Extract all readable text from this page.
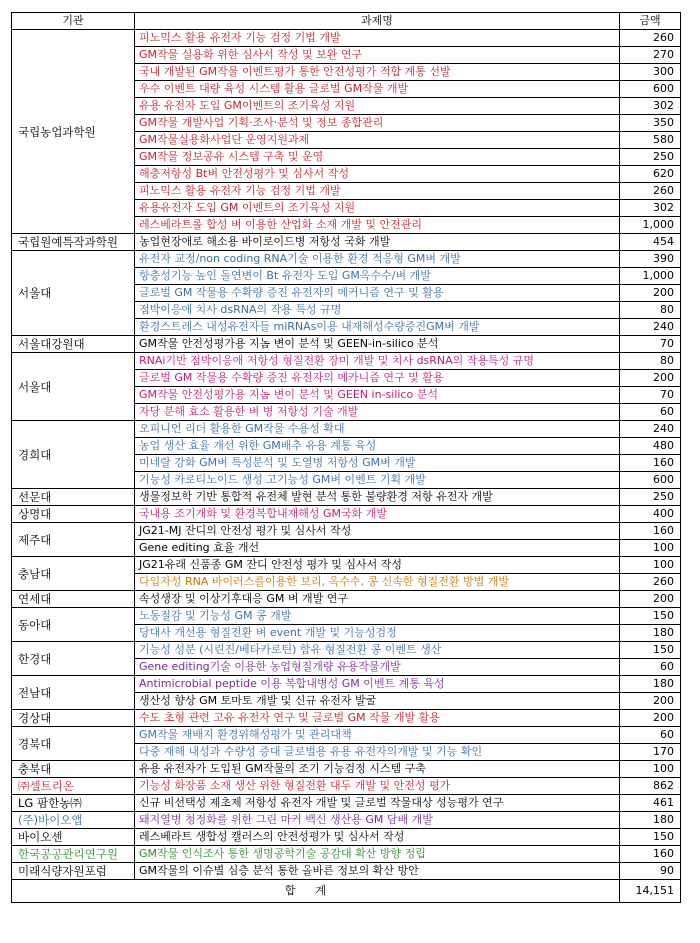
기관	과제명	금액
국립농업과학원	피노믹스 활용 유전자 기능 검정 기법 개발	260
	GM작물 실용화 위한 심사서 작성 및 보완 연구	270
	국내 개발된 GM작물 이벤트평가 통한 안전성평가 적합 계통 선발	300
	우수 이벤트 대량 육성 시스템 활용 글로벌 GM작물 개발	600
	유용 유전자 도입 GM이벤트의 조기육성 지원	302
	GM작물 개발사업 기획·조사·분석 및 정보 종합관리	350
	GM작물실용화사업단 운영지원과제	580
	GM작물 정보공유 시스템 구축 및 운영	250
	해충저항성 Bt벼 안전성평가 및 심사서 작성	620
	피노믹스 활용 유전자 기능 검정 기법 개발	260
	유용유전자 도입 GM 이벤트의 조기육성 지원	302
	레스베라트롤 합성 벼 이용한 산업화 소재 개발 및 안전관리	1,000
국립원예특작과학원	농업현장애로 해소용 바이로이드병 저항성 국화 개발	454
서울대	유전자 교정/non coding RNA기술 이용한 환경 적응형 GM벼 개발	390
	항충성기능 높인 돌연변이 Bt 유전자 도입 GM옥수수/벼 개발	1,000
	글로벌 GM 작물용 수확량 증진 유전자의 메커니즘 연구 및 활용	200
	점박이응애 치사 dsRNA의 작용 특성 규명	80
	환경스트레스 내성유전자들 miRNAs이용 내재해성수량증진GM벼 개발	240
서울대강원대	GM작물 안전성평가용 지놈 변이 분석 및 GEEN-in-silico 분석	70
서울대	RNAi기반 점박이응애 저항성 형질전환 장미 개발 및 치사 dsRNA의 작용특성 규명	80
	글로벌 GM 작물용 수확량 증진 유전자의 메카니즘 연구 및 활용	200
	GM작물 안전성평가용 지놈 변이 분석 및 GEEN in-silico 분석	70
	자당 분해 효소 활용한 벼 병 저항성 기술 개발	60
경희대	오피니언 리더 활용한 GM작물 수용성 확대	240
	농업 생산 효율 개선 위한 GM배추 유용 계통 육성	480
	미네랄 강화 GM벼 특성분석 및 도열병 저항성 GM벼 개발	160
	기능성 카로티노이드 생성 고기능성 GM벼 이벤트 기획 개발	600
선문대	생물정보학 기반 통합적 유전체 발현 분석 통한 불량환경 저항 유전자 개발	250
상명대	국내용 조기개화 및 환경복합내재해성 GM국화 개발	400
제주대	JG21-MJ 잔디의 안전성 평가 및 심사서 작성	160
	Gene editing 효율 개선	100
충남대	JG21유래 신품종 GM 잔디 안전성 평가 및 심사서 작성	100
	다입자성 RNA 바이러스를이용한 보리, 옥수수, 콩 신속한 형질전환 방법 개발	260
연세대	속성생장 및 이상기후대응 GM 벼 개발 연구	200
동아대	노동절감 및 기능성 GM 콩 개발	150
	당대사 개선용 형질전환 벼 event 개발 및 기능성검정	180
한경대	기능성 성분 (시린진/베타카로틴) 함유 형질전환 콩 이벤트 생산	150
	Gene editing기술 이용한 농업형질개량 유용작물개발	60
전남대	Antimicrobial peptide 이용 복합내병성 GM 이벤트 계통 육성	180
	생산성 향상 GM 토마토 개발 및 신규 유전자 발굴	200
경상대	수도 초형 관련 고유 유전자 연구 및 글로벌 GM 작물 개발 활용	200
경북대	GM작물 재배지 환경위해성평가 및 관리대책	60
	다중 재해 내성과 수량성 증대 글로벌용 유용 유전자의개발 및 기능 확인	170
충북대	유용 유전자가 도입된 GM작물의 조기 기능검정 시스템 구축	100
㈜셀트리온	기능성 화장품 소재 생산 위한 형질전환 대두 개발 및 안전성 평가	862
LG 팜한농㈜	신규 비선택성 제초제 저항성 유전자 개발 및 글로벌 작물대상 성능평가 연구	461
(주)바이오앱	돼지열병 청정화를 위한 그린 마커 백신 생산용 GM 담배 개발	180
바이오센	레스베라트 생합성 캘러스의 안전성평가 및 심사서 작성	150
한국공공관리연구원	GM작물 인식조사 통한 생명공학기술 공감대 확산 방향 정립	160
미래식량자원포럼	GM작물의 이슈별 심층 분석 통한 올바른 정보의 확산 방안	90
합계		14,151
